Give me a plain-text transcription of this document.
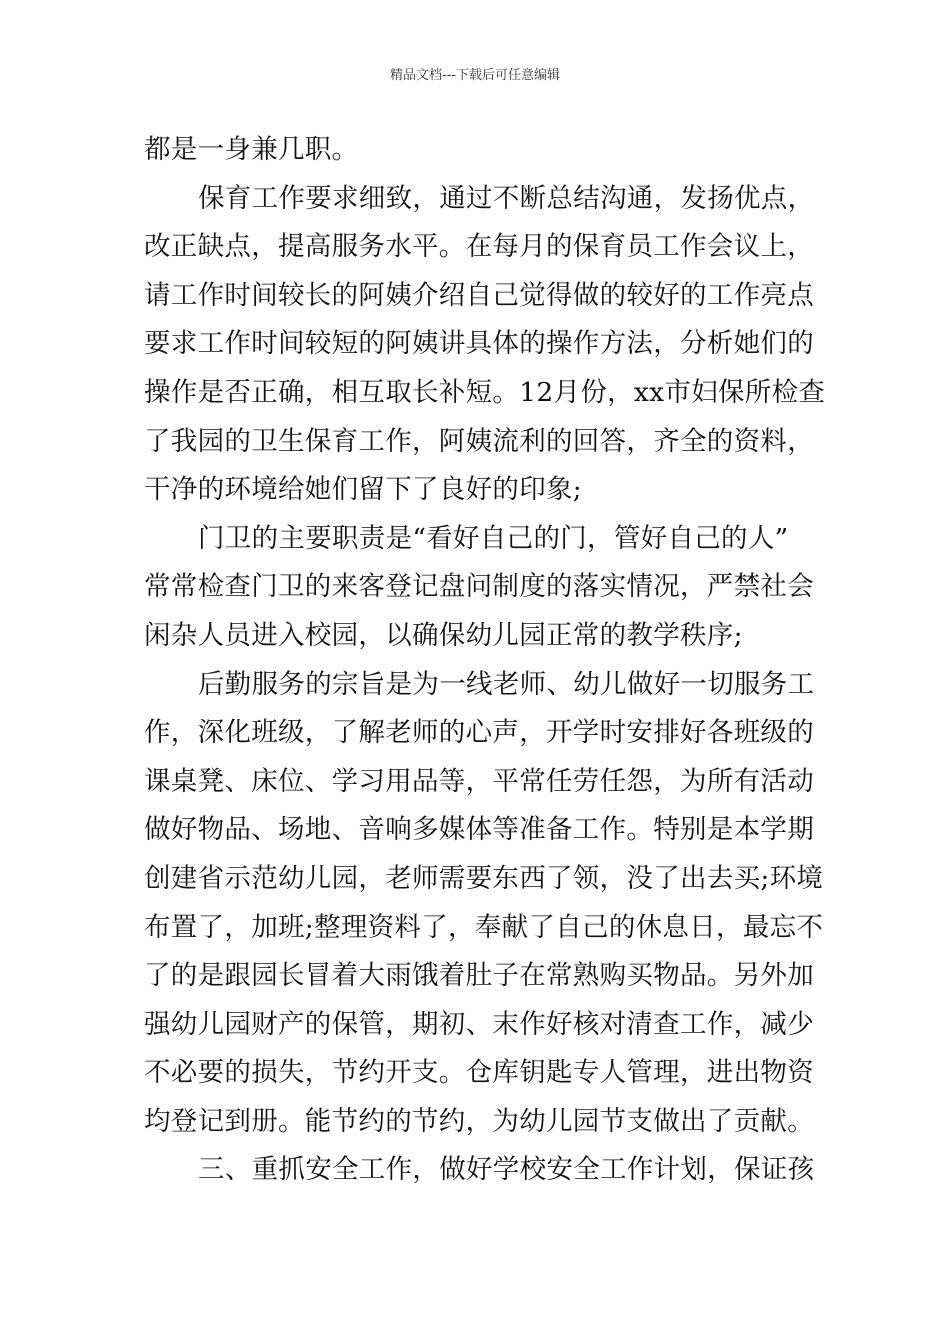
精品文档---下载后可任意编辑
都是一身兼几职。
保育工作要求细致，通过不断总结沟通，发扬优点，
改正缺点，提高服务水平。在每月的保育员工作会议上，
请工作时间较长的阿姨介绍自己觉得做的较好的工作亮点
要求工作时间较短的阿姨讲具体的操作方法，分析她们的
操作是否正确，相互取长补短。12月份，xx市妇保所检查
了我园的卫生保育工作，阿姨流利的回答，齐全的资料，
干净的环境给她们留下了良好的印象;
门卫的主要职责是“看好自己的门，管好自己的人”
常常检查门卫的来客登记盘问制度的落实情况，严禁社会
闲杂人员进入校园，以确保幼儿园正常的教学秩序;
后勤服务的宗旨是为一线老师、幼儿做好一切服务工
作，深化班级，了解老师的心声，开学时安排好各班级的
课桌凳、床位、学习用品等，平常任劳任怨，为所有活动
做好物品、场地、音响多媒体等准备工作。特别是本学期
创建省示范幼儿园，老师需要东西了领，没了出去买;环境
布置了，加班;整理资料了，奉献了自己的休息日，最忘不
了的是跟园长冒着大雨饿着肚子在常熟购买物品。另外加
强幼儿园财产的保管，期初、末作好核对清查工作，减少
不必要的损失，节约开支。仓库钥匙专人管理，进出物资
均登记到册。能节约的节约，为幼儿园节支做出了贡献。
三、重抓安全工作，做好学校安全工作计划，保证孩
